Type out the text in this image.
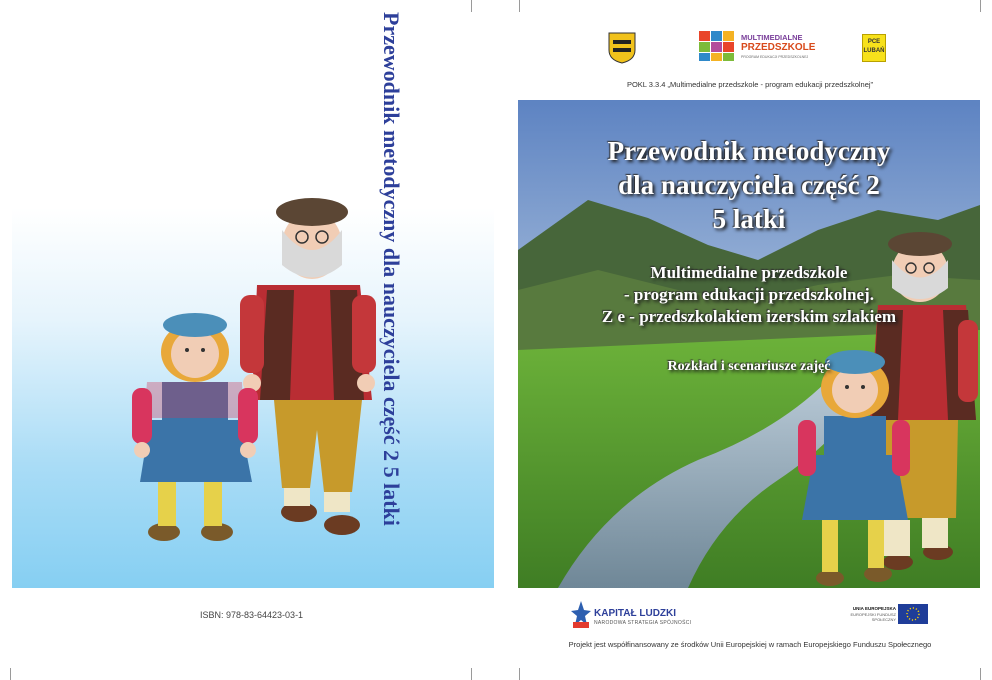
Przewodnik metodyczny dla nauczyciela część 2 5 latki
ISBN: 978-83-64423-03-1
MULTIMEDIALNE
PRZEDSZKOLE
PROGRAM EDUKACJI PRZEDSZKOLNEJ
PCE LUBAŃ
POKL 3.3.4 „Multimedialne przedszkole - program edukacji przedszkolnej”
Przewodnik metodyczny
dla nauczyciela część 2
5 latki
Multimedialne przedszkole
- program edukacji przedszkolnej.
Z e - przedszkolakiem izerskim szlakiem
Rozkład i scenariusze zajęć
KAPITAŁ LUDZKI
NARODOWA STRATEGIA SPÓJNOŚCI
UNIA EUROPEJSKA
EUROPEJSKI FUNDUSZ SPOŁECZNY
Projekt jest współfinansowany ze środków Unii Europejskiej w ramach Europejskiego Funduszu Społecznego
